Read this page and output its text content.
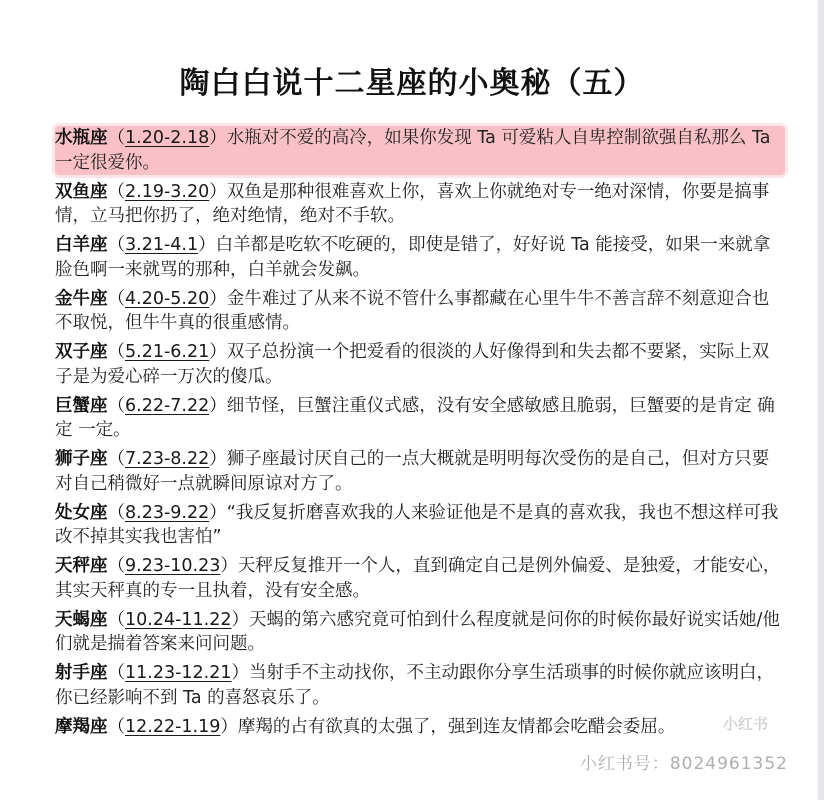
陶白白说十二星座的小奥秘（五）
水瓶座（1.20-2.18）水瓶对不爱的高冷，如果你发现 Ta 可爱粘人自卑控制欲强自私那么 Ta 一定很爱你。
双鱼座（2.19-3.20）双鱼是那种很难喜欢上你，喜欢上你就绝对专一绝对深情，你要是搞事情，立马把你扔了，绝对绝情，绝对不手软。
白羊座（3.21-4.1）白羊都是吃软不吃硬的，即使是错了，好好说 Ta 能接受，如果一来就拿脸色啊一来就骂的那种，白羊就会发飙。
金牛座（4.20-5.20）金牛难过了从来不说不管什么事都藏在心里牛牛不善言辞不刻意迎合也不取悦，但牛牛真的很重感情。
双子座（5.21-6.21）双子总扮演一个把爱看的很淡的人好像得到和失去都不要紧，实际上双子是为爱心碎一万次的傻瓜。
巨蟹座（6.22-7.22）细节怪，巨蟹注重仪式感，没有安全感敏感且脆弱，巨蟹要的是肯定 确定 一定。
狮子座（7.23-8.22）狮子座最讨厌自己的一点大概就是明明每次受伤的是自己，但对方只要对自己稍微好一点就瞬间原谅对方了。
处女座（8.23-9.22）“我反复折磨喜欢我的人来验证他是不是真的喜欢我，我也不想这样可我改不掉其实我也害怕”
天秤座（9.23-10.23）天秤反复推开一个人，直到确定自己是例外偏爱、是独爱，才能安心，其实天秤真的专一且执着，没有安全感。
天蝎座（10.24-11.22）天蝎的第六感究竟可怕到什么程度就是问你的时候你最好说实话她/他们就是揣着答案来问问题。
射手座（11.23-12.21）当射手不主动找你，不主动跟你分享生活琐事的时候你就应该明白，你已经影响不到 Ta 的喜怒哀乐了。
摩羯座（12.22-1.19）摩羯的占有欲真的太强了，强到连友情都会吃醋会委屈。	小红书
小红书号：8024961352
